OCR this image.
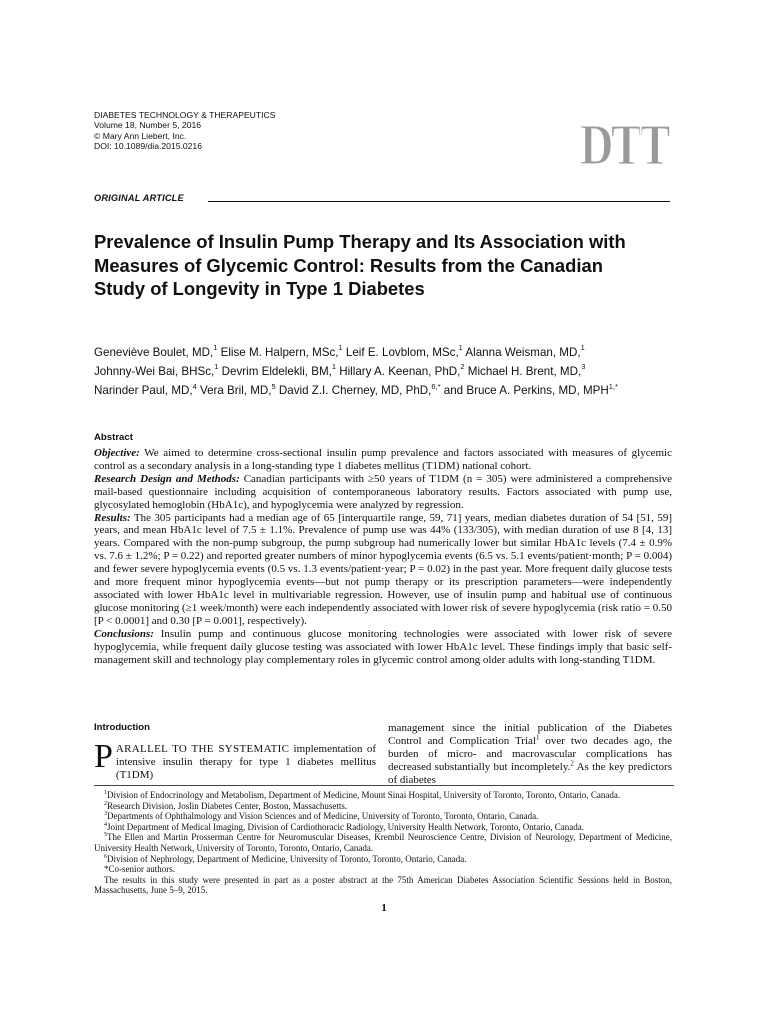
DIABETES TECHNOLOGY & THERAPEUTICS
Volume 18, Number 5, 2016
© Mary Ann Liebert, Inc.
DOI: 10.1089/dia.2015.0216	DTT
ORIGINAL ARTICLE
Prevalence of Insulin Pump Therapy and Its Association with Measures of Glycemic Control: Results from the Canadian Study of Longevity in Type 1 Diabetes
Geneviève Boulet, MD,$^1$ Elise M. Halpern, MSc,$^1$ Leif E. Lovblom, MSc,$^1$ Alanna Weisman, MD,$^1$
Johnny-Wei Bai, BHSc,$^1$ Devrim Eldelekli, BM,$^1$ Hillary A. Keenan, PhD,$^2$ Michael H. Brent, MD,$^3$
Narinder Paul, MD,$^4$ Vera Bril, MD,$^5$ David Z.I. Cherney, MD, PhD,$^{6,*}$ and Bruce A. Perkins, MD, $MPH^{1,*}$
Abstract

Objective: We aimed to determine cross-sectional insulin pump prevalence and factors associated with measures of glycemic control as a secondary analysis in a long-standing type 1 diabetes mellitus (T1DM) national cohort.

Research Design and Methods: Canadian participants with ≥50 years of T1DM (n = 305) were administered a comprehensive mail-based questionnaire including acquisition of contemporaneous laboratory results. Factors associated with pump use, glycosylated hemoglobin (HbA1c), and hypoglycemia were analyzed by regression.

Results: The 305 participants had a median age of 65 [interquartile range, 59, 71] years, median diabetes duration of 54 [51, 59] years, and mean HbA1c level of 7.5 ± 1.1%. Prevalence of pump use was 44% (133/305), with median duration of use 8 [4, 13] years. Compared with the non-pump subgroup, the pump subgroup had numerically lower but similar HbA1c levels (7.4 ± 0.9% vs. 7.6 ± 1.2%; P = 0.22) and reported greater numbers of minor hypoglycemia events (6.5 vs. 5.1 events/patient·month; P = 0.004) and fewer severe hypoglycemia events (0.5 vs. 1.3 events/patient·year; P = 0.02) in the past year. More frequent daily glucose tests and more frequent minor hypoglycemia events—but not pump therapy or its prescription parameters—were independently associated with lower HbA1c level in multivariable regression. However, use of insulin pump and habitual use of continuous glucose monitoring (≥1 week/month) were each independently associated with lower risk of severe hypoglycemia (risk ratio = 0.50 [P < 0.0001] and 0.30 [P = 0.001], respectively).

Conclusions: Insulin pump and continuous glucose monitoring technologies were associated with lower risk of severe hypoglycemia, while frequent daily glucose testing was associated with lower HbA1c level. These findings imply that basic self-management skill and technology play complementary roles in glycemic control among older adults with long-standing T1DM.

Introduction
PARALLEL TO THE SYSTEMATIC implementation of intensive insulin therapy for type 1 diabetes mellitus (T1DM)
management since the initial publication of the Diabetes Control and Complication Trial$^1$ over two decades ago, the burden of micro- and macrovascular complications has decreased substantially but incompletely.$^2$ As the key predictors of diabetes

$^1$Division of Endocrinology and Metabolism, Department of Medicine, Mount Sinai Hospital, University of Toronto, Toronto, Ontario, Canada.

$^2$Research Division, Joslin Diabetes Center, Boston, Massachusetts.

$^3$Departments of Ophthalmology and Vision Sciences and of Medicine, University of Toronto, Toronto, Ontario, Canada.

$^4$Joint Department of Medical Imaging, Division of Cardiothoracic Radiology, University Health Network, Toronto, Ontario, Canada.

$^5$The Ellen and Martin Prosserman Centre for Neuromuscular Diseases, Krembil Neuroscience Centre, Division of Neurology, Department of Medicine, University Health Network, University of Toronto, Toronto, Ontario, Canada.

$^6$Division of Nephrology, Department of Medicine, University of Toronto, Toronto, Ontario, Canada.

*Co-senior authors.

The results in this study were presented in part as a poster abstract at the 75th American Diabetes Association Scientific Sessions held in Boston, Massachusetts, June 5–9, 2015.

1
